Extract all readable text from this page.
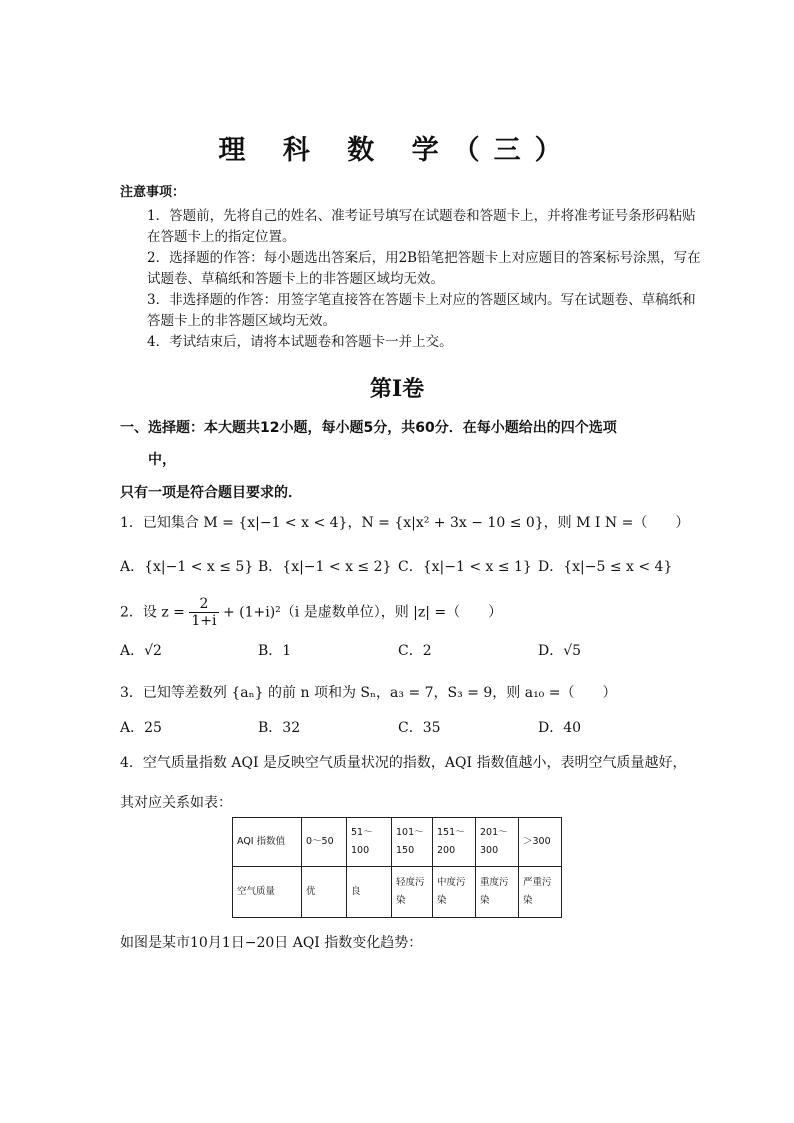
理 科 数 学（三）
注意事项：
1．答题前，先将自己的姓名、准考证号填写在试题卷和答题卡上，并将准考证号条形码粘贴在答题卡上的指定位置。
2．选择题的作答：每小题选出答案后，用2B铅笔把答题卡上对应题目的答案标号涂黑，写在试题卷、草稿纸和答题卡上的非答题区域均无效。
3．非选择题的作答：用签字笔直接答在答题卡上对应的答题区域内。写在试题卷、草稿纸和答题卡上的非答题区域均无效。
4．考试结束后，请将本试题卷和答题卡一并上交。
第Ⅰ卷
一、选择题：本大题共12小题，每小题5分，共60分．在每小题给出的四个选项
中，
只有一项是符合题目要求的．
1．已知集合 M = {x|−1 < x < 4}，N = {x|x² + 3x − 10 ≤ 0}，则 M Ι N =（　　）
A．{x|−1 < x ≤ 5} B．{x|−1 < x ≤ 2} C．{x|−1 < x ≤ 1} D．{x|−5 ≤ x < 4}
2．设 $z = \frac{2}{1+i} + (1+i)^2(i$ 是虚数单位），则 |z| =（　　）
A．√2	B．1	C．2	D．√5
3．已知等差数列 {aₙ} 的前 n 项和为 Sₙ，a₃ = 7，S₃ = 9，则 a₁₀ =（　　）
A．25	B．32	C．35	D．40
4．空气质量指数 AQI 是反映空气质量状况的指数，AQI 指数值越小，表明空气质量越好，
其对应关系如表：
AQI 指数值	0～50	51～100	101～150	151～200	201～300	＞300
空气质量	优	良	轻度污染	中度污染	重度污染	严重污染
如图是某市10月1日−20日 AQI 指数变化趋势：
